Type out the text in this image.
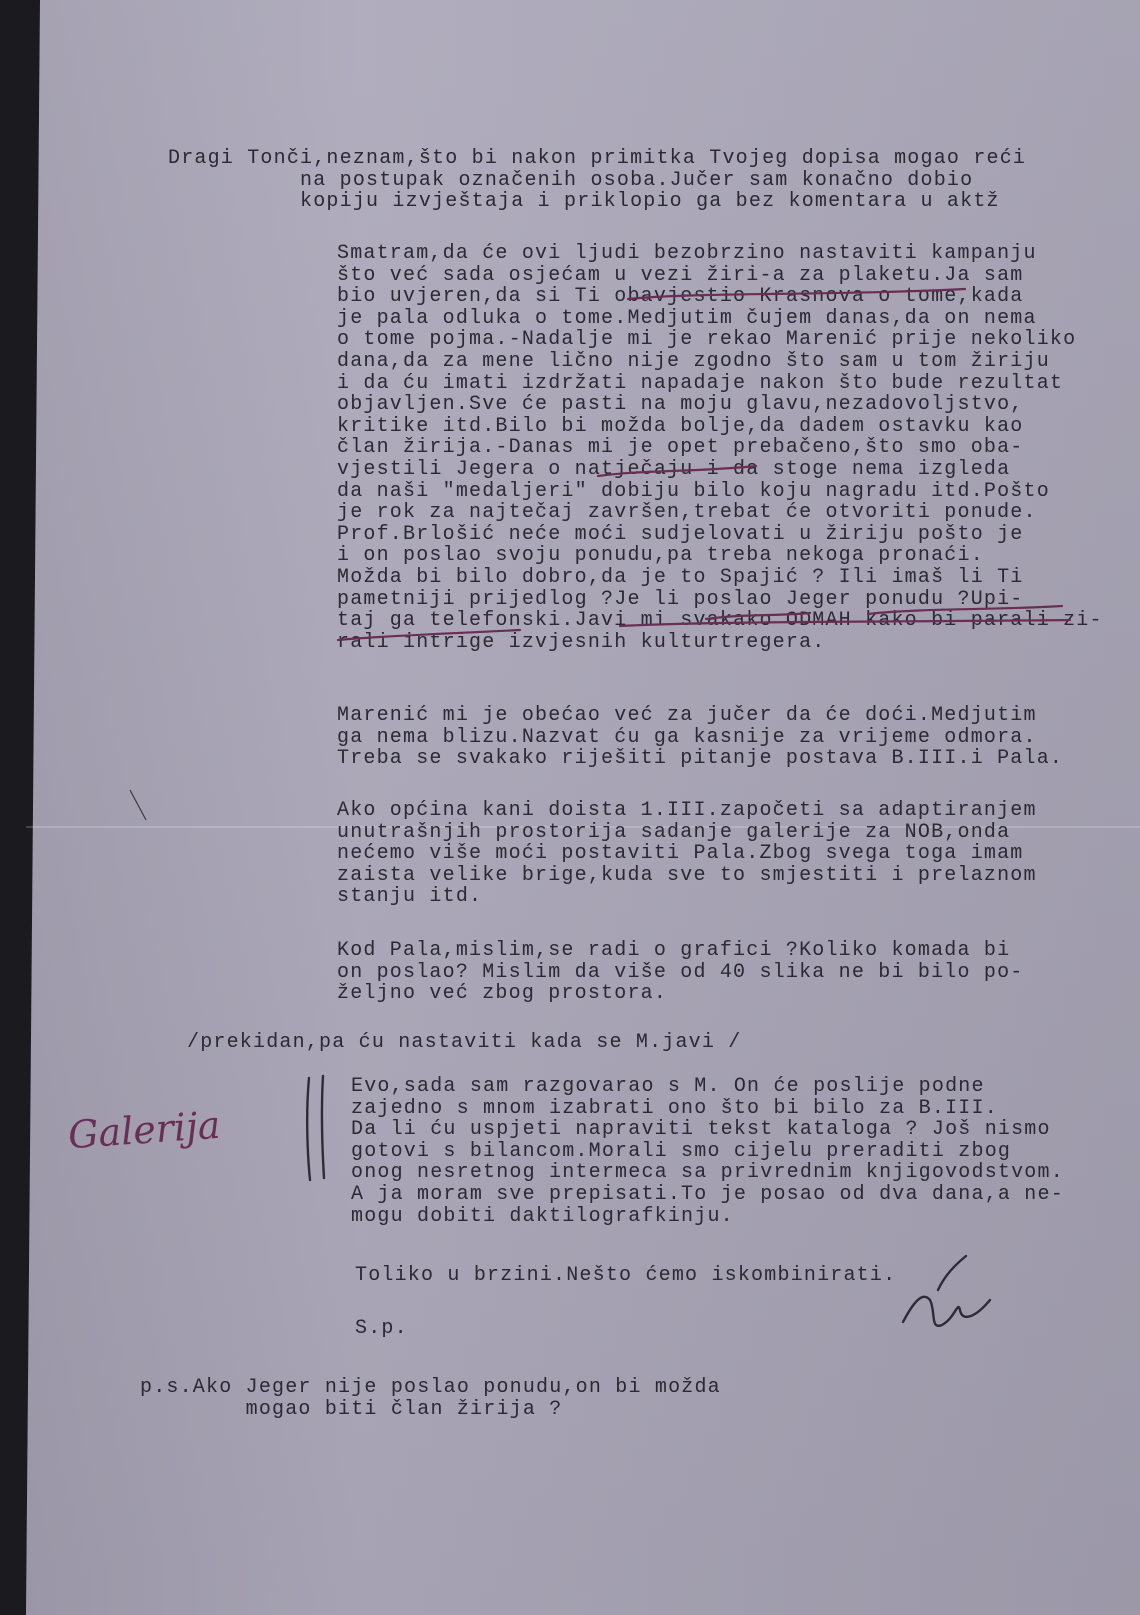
Dragi Tonči,neznam,što bi nakon primitka Tvojeg dopisa mogao reći
na postupak označenih osoba.Jučer sam konačno dobio
kopiju izvještaja i priklopio ga bez komentara u aktž
Smatram,da će ovi ljudi bezobrzino nastaviti kampanju
što već sada osjećam u vezi žiri-a za plaketu.Ja sam
bio uvjeren,da si Ti obavjestio Krasnova o tome,kada
je pala odluka o tome.Medjutim čujem danas,da on nema
o tome pojma.-Nadalje mi je rekao Marenić prije nekoliko
dana,da za mene lično nije zgodno što sam u tom žiriju
i da ću imati izdržati napadaje nakon što bude rezultat
objavljen.Sve će pasti na moju glavu,nezadovoljstvo,
kritike itd.Bilo bi možda bolje,da dadem ostavku kao
član žirija.-Danas mi je opet prebačeno,što smo oba-
vjestili Jegera o natječaju i da stoge nema izgleda
da naši "medaljeri" dobiju bilo koju nagradu itd.Pošto
je rok za najtečaj završen,trebat će otvoriti ponude.
Prof.Brlošić neće moći sudjelovati u žiriju pošto je
i on poslao svoju ponudu,pa treba nekoga pronaći.
Možda bi bilo dobro,da je to Spajić ? Ili imaš li Ti
pametniji prijedlog ?Je li poslao Jeger ponudu ?Upi-
taj ga telefonski.Javi mi svakako ODMAH kako bi parali zi-
rali intrige izvjesnih kulturtregera.
Marenić mi je obećao već za jučer da će doći.Medjutim
ga nema blizu.Nazvat ću ga kasnije za vrijeme odmora.
Treba se svakako riješiti pitanje postava B.III.i Pala.
Ako općina kani doista 1.III.započeti sa adaptiranjem
unutrašnjih prostorija sadanje galerije za NOB,onda
nećemo više moći postaviti Pala.Zbog svega toga imam
zaista velike brige,kuda sve to smjestiti i prelaznom
stanju itd.
Kod Pala,mislim,se radi o grafici ?Koliko komada bi
on poslao? Mislim da više od 40 slika ne bi bilo po-
željno već zbog prostora.
/prekidan,pa ću nastaviti kada se M.javi /
Evo,sada sam razgovarao s M. On će poslije podne
zajedno s mnom izabrati ono što bi bilo za B.III.
Da li ću uspjeti napraviti tekst kataloga ? Još nismo
gotovi s bilancom.Morali smo cijelu preraditi zbog
onog nesretnog intermeca sa privrednim knjigovodstvom.
A ja moram sve prepisati.To je posao od dva dana,a ne-
mogu dobiti daktilografkinju.
Toliko u brzini.Nešto ćemo iskombinirati.
S.p.
p.s.Ako Jeger nije poslao ponudu,on bi možda
mogao biti član žirija ?
Galerija
